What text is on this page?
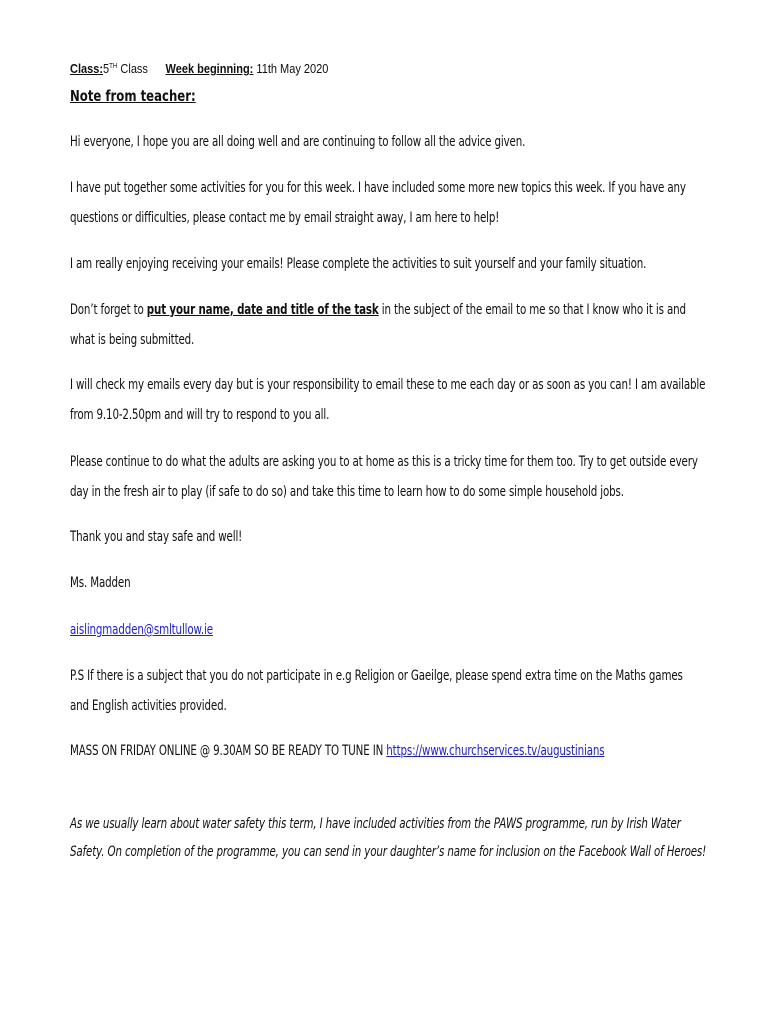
Class:5TH Class Week beginning: 11th May 2020
Note from teacher:
Hi everyone, I hope you are all doing well and are continuing to follow all the advice given.
I have put together some activities for you for this week. I have included some more new topics this week. If you have any
questions or difficulties, please contact me by email straight away, I am here to help!
I am really enjoying receiving your emails! Please complete the activities to suit yourself and your family situation.
Don’t forget to put your name, date and title of the task in the subject of the email to me so that I know who it is and
what is being submitted.
I will check my emails every day but is your responsibility to email these to me each day or as soon as you can! I am available
from 9.10-2.50pm and will try to respond to you all.
Please continue to do what the adults are asking you to at home as this is a tricky time for them too. Try to get outside every
day in the fresh air to play (if safe to do so) and take this time to learn how to do some simple household jobs.
Thank you and stay safe and well!
Ms. Madden
aislingmadden@smltullow.ie
P.S If there is a subject that you do not participate in e.g Religion or Gaeilge, please spend extra time on the Maths games
and English activities provided.
MASS ON FRIDAY ONLINE @ 9.30AM SO BE READY TO TUNE IN https://www.churchservices.tv/augustinians
As we usually learn about water safety this term, I have included activities from the PAWS programme, run by Irish Water
Safety. On completion of the programme, you can send in your daughter’s name for inclusion on the Facebook Wall of Heroes!
